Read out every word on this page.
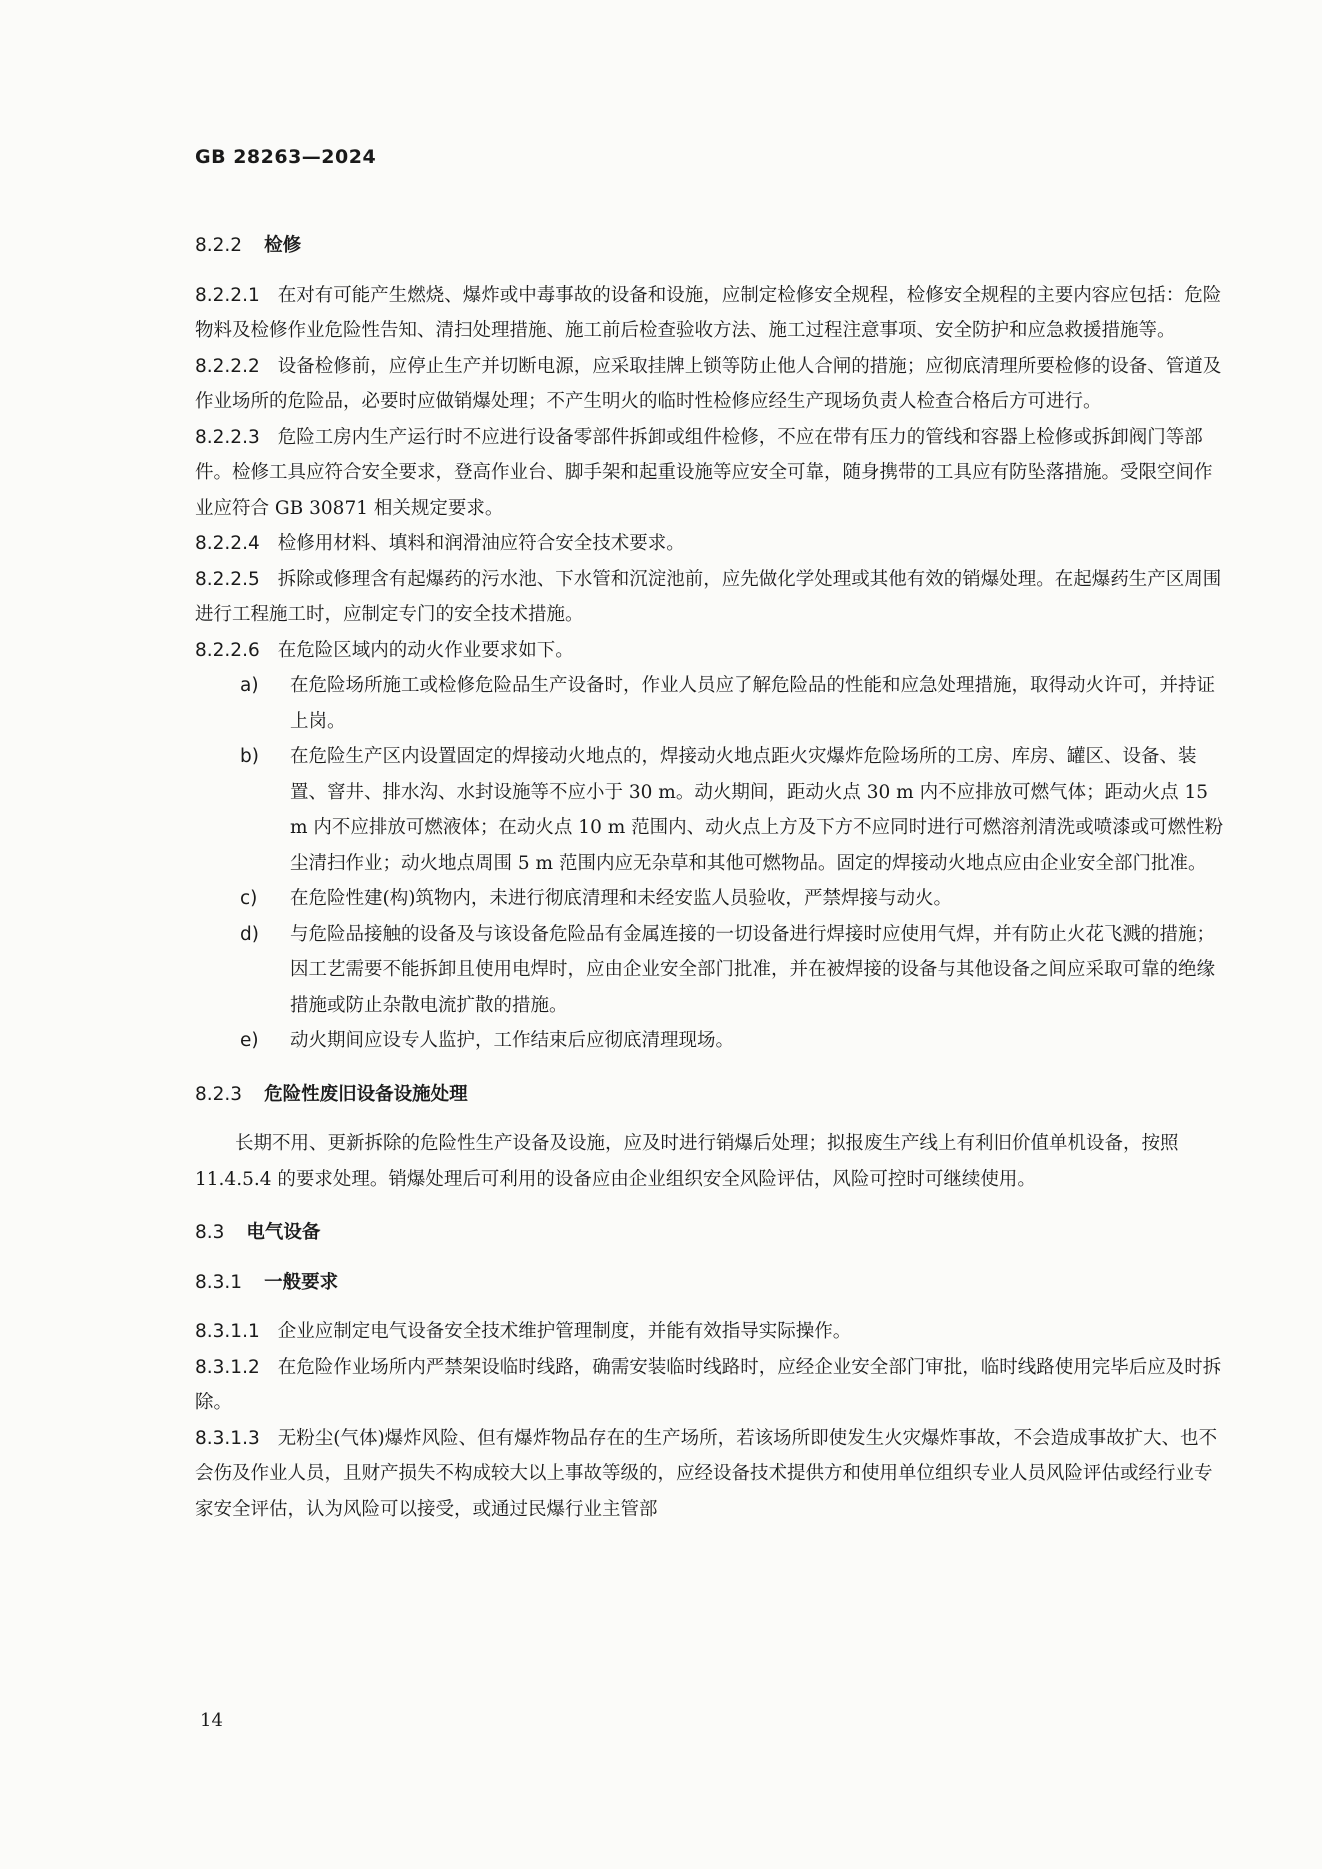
GB 28263—2024

8.2.2 检修

8.2.2.1 在对有可能产生燃烧、爆炸或中毒事故的设备和设施，应制定检修安全规程，检修安全规程的主要内容应包括：危险物料及检修作业危险性告知、清扫处理措施、施工前后检查验收方法、施工过程注意事项、安全防护和应急救援措施等。

8.2.2.2 设备检修前，应停止生产并切断电源，应采取挂牌上锁等防止他人合闸的措施；应彻底清理所要检修的设备、管道及作业场所的危险品，必要时应做销爆处理；不产生明火的临时性检修应经生产现场负责人检查合格后方可进行。

8.2.2.3 危险工房内生产运行时不应进行设备零部件拆卸或组件检修，不应在带有压力的管线和容器上检修或拆卸阀门等部件。检修工具应符合安全要求，登高作业台、脚手架和起重设施等应安全可靠，随身携带的工具应有防坠落措施。受限空间作业应符合 GB 30871 相关规定要求。

8.2.2.4 检修用材料、填料和润滑油应符合安全技术要求。

8.2.2.5 拆除或修理含有起爆药的污水池、下水管和沉淀池前，应先做化学处理或其他有效的销爆处理。在起爆药生产区周围进行工程施工时，应制定专门的安全技术措施。

8.2.2.6 在危险区域内的动火作业要求如下。

a) 在危险场所施工或检修危险品生产设备时，作业人员应了解危险品的性能和应急处理措施，取得动火许可，并持证上岗。

b) 在危险生产区内设置固定的焊接动火地点的，焊接动火地点距火灾爆炸危险场所的工房、库房、罐区、设备、装置、窨井、排水沟、水封设施等不应小于 30 m。动火期间，距动火点 30 m 内不应排放可燃气体；距动火点 15 m 内不应排放可燃液体；在动火点 10 m 范围内、动火点上方及下方不应同时进行可燃溶剂清洗或喷漆或可燃性粉尘清扫作业；动火地点周围 5 m 范围内应无杂草和其他可燃物品。固定的焊接动火地点应由企业安全部门批准。

c) 在危险性建(构)筑物内，未进行彻底清理和未经安监人员验收，严禁焊接与动火。

d) 与危险品接触的设备及与该设备危险品有金属连接的一切设备进行焊接时应使用气焊，并有防止火花飞溅的措施；因工艺需要不能拆卸且使用电焊时，应由企业安全部门批准，并在被焊接的设备与其他设备之间应采取可靠的绝缘措施或防止杂散电流扩散的措施。

e) 动火期间应设专人监护，工作结束后应彻底清理现场。

8.2.3 危险性废旧设备设施处理

长期不用、更新拆除的危险性生产设备及设施，应及时进行销爆后处理；拟报废生产线上有利旧价值单机设备，按照 11.4.5.4 的要求处理。销爆处理后可利用的设备应由企业组织安全风险评估，风险可控时可继续使用。

8.3 电气设备

8.3.1 一般要求

8.3.1.1 企业应制定电气设备安全技术维护管理制度，并能有效指导实际操作。

8.3.1.2 在危险作业场所内严禁架设临时线路，确需安装临时线路时，应经企业安全部门审批，临时线路使用完毕后应及时拆除。

8.3.1.3 无粉尘(气体)爆炸风险、但有爆炸物品存在的生产场所，若该场所即使发生火灾爆炸事故，不会造成事故扩大、也不会伤及作业人员，且财产损失不构成较大以上事故等级的，应经设备技术提供方和使用单位组织专业人员风险评估或经行业专家安全评估，认为风险可以接受，或通过民爆行业主管部

14
